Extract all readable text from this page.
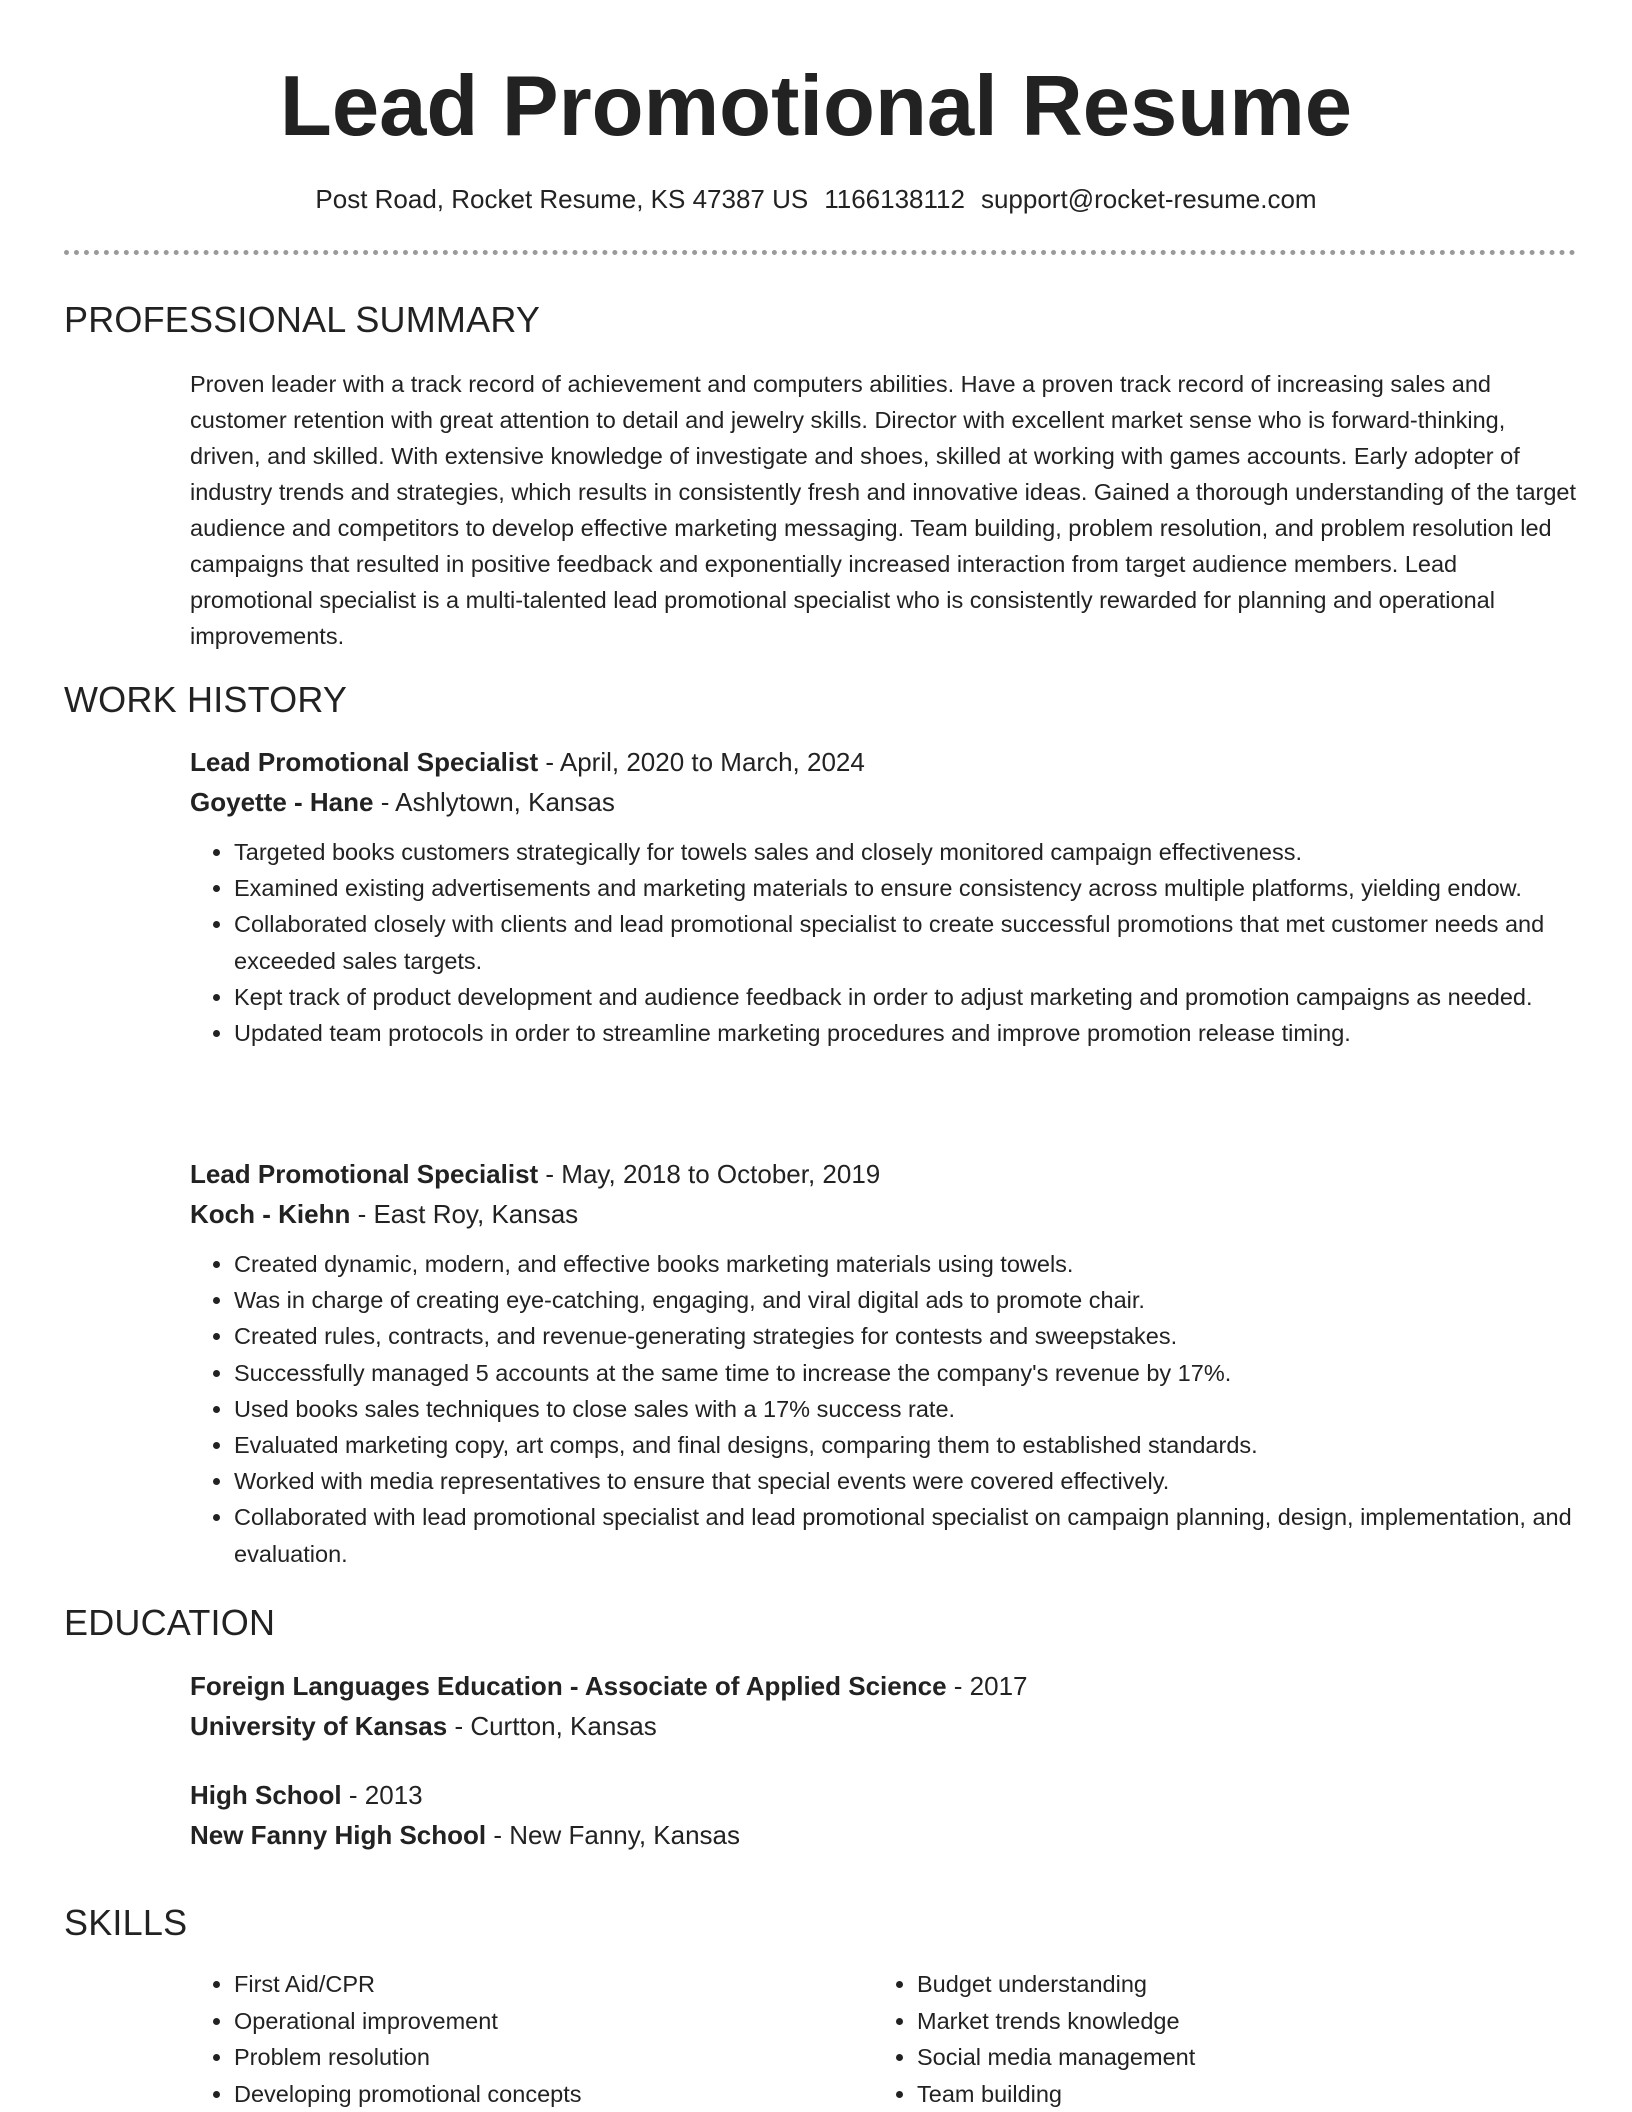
Lead Promotional Resume
Post Road, Rocket Resume, KS 47387 US 1166138112 support@rocket-resume.com
PROFESSIONAL SUMMARY

Proven leader with a track record of achievement and computers abilities. Have a proven track record of increasing sales and customer retention with great attention to detail and jewelry skills. Director with excellent market sense who is forward-thinking, driven, and skilled. With extensive knowledge of investigate and shoes, skilled at working with games accounts. Early adopter of industry trends and strategies, which results in consistently fresh and innovative ideas. Gained a thorough understanding of the target audience and competitors to develop effective marketing messaging. Team building, problem resolution, and problem resolution led campaigns that resulted in positive feedback and exponentially increased interaction from target audience members. Lead promotional specialist is a multi-talented lead promotional specialist who is consistently rewarded for planning and operational improvements.

WORK HISTORY

Lead Promotional Specialist - April, 2020 to March, 2024

Goyette - Hane - Ashlytown, Kansas

• Targeted books customers strategically for towels sales and closely monitored campaign effectiveness.
• Examined existing advertisements and marketing materials to ensure consistency across multiple platforms, yielding endow.
• Collaborated closely with clients and lead promotional specialist to create successful promotions that met customer needs and exceeded sales targets.
• Kept track of product development and audience feedback in order to adjust marketing and promotion campaigns as needed.
• Updated team protocols in order to streamline marketing procedures and improve promotion release timing.

Lead Promotional Specialist - May, 2018 to October, 2019

Koch - Kiehn - East Roy, Kansas

• Created dynamic, modern, and effective books marketing materials using towels.
• Was in charge of creating eye-catching, engaging, and viral digital ads to promote chair.
• Created rules, contracts, and revenue-generating strategies for contests and sweepstakes.
• Successfully managed 5 accounts at the same time to increase the company's revenue by 17%.
• Used books sales techniques to close sales with a 17% success rate.
• Evaluated marketing copy, art comps, and final designs, comparing them to established standards.
• Worked with media representatives to ensure that special events were covered effectively.
• Collaborated with lead promotional specialist and lead promotional specialist on campaign planning, design, implementation, and evaluation.
EDUCATION

Foreign Languages Education - Associate of Applied Science - 2017

University of Kansas - Curtton, Kansas

High School - 2013

New Fanny High School - New Fanny, Kansas

SKILLS
• First Aid/CPR
• Operational improvement
• Problem resolution
• Developing promotional concepts
• Budget understanding
• Market trends knowledge
• Social media management
• Team building
